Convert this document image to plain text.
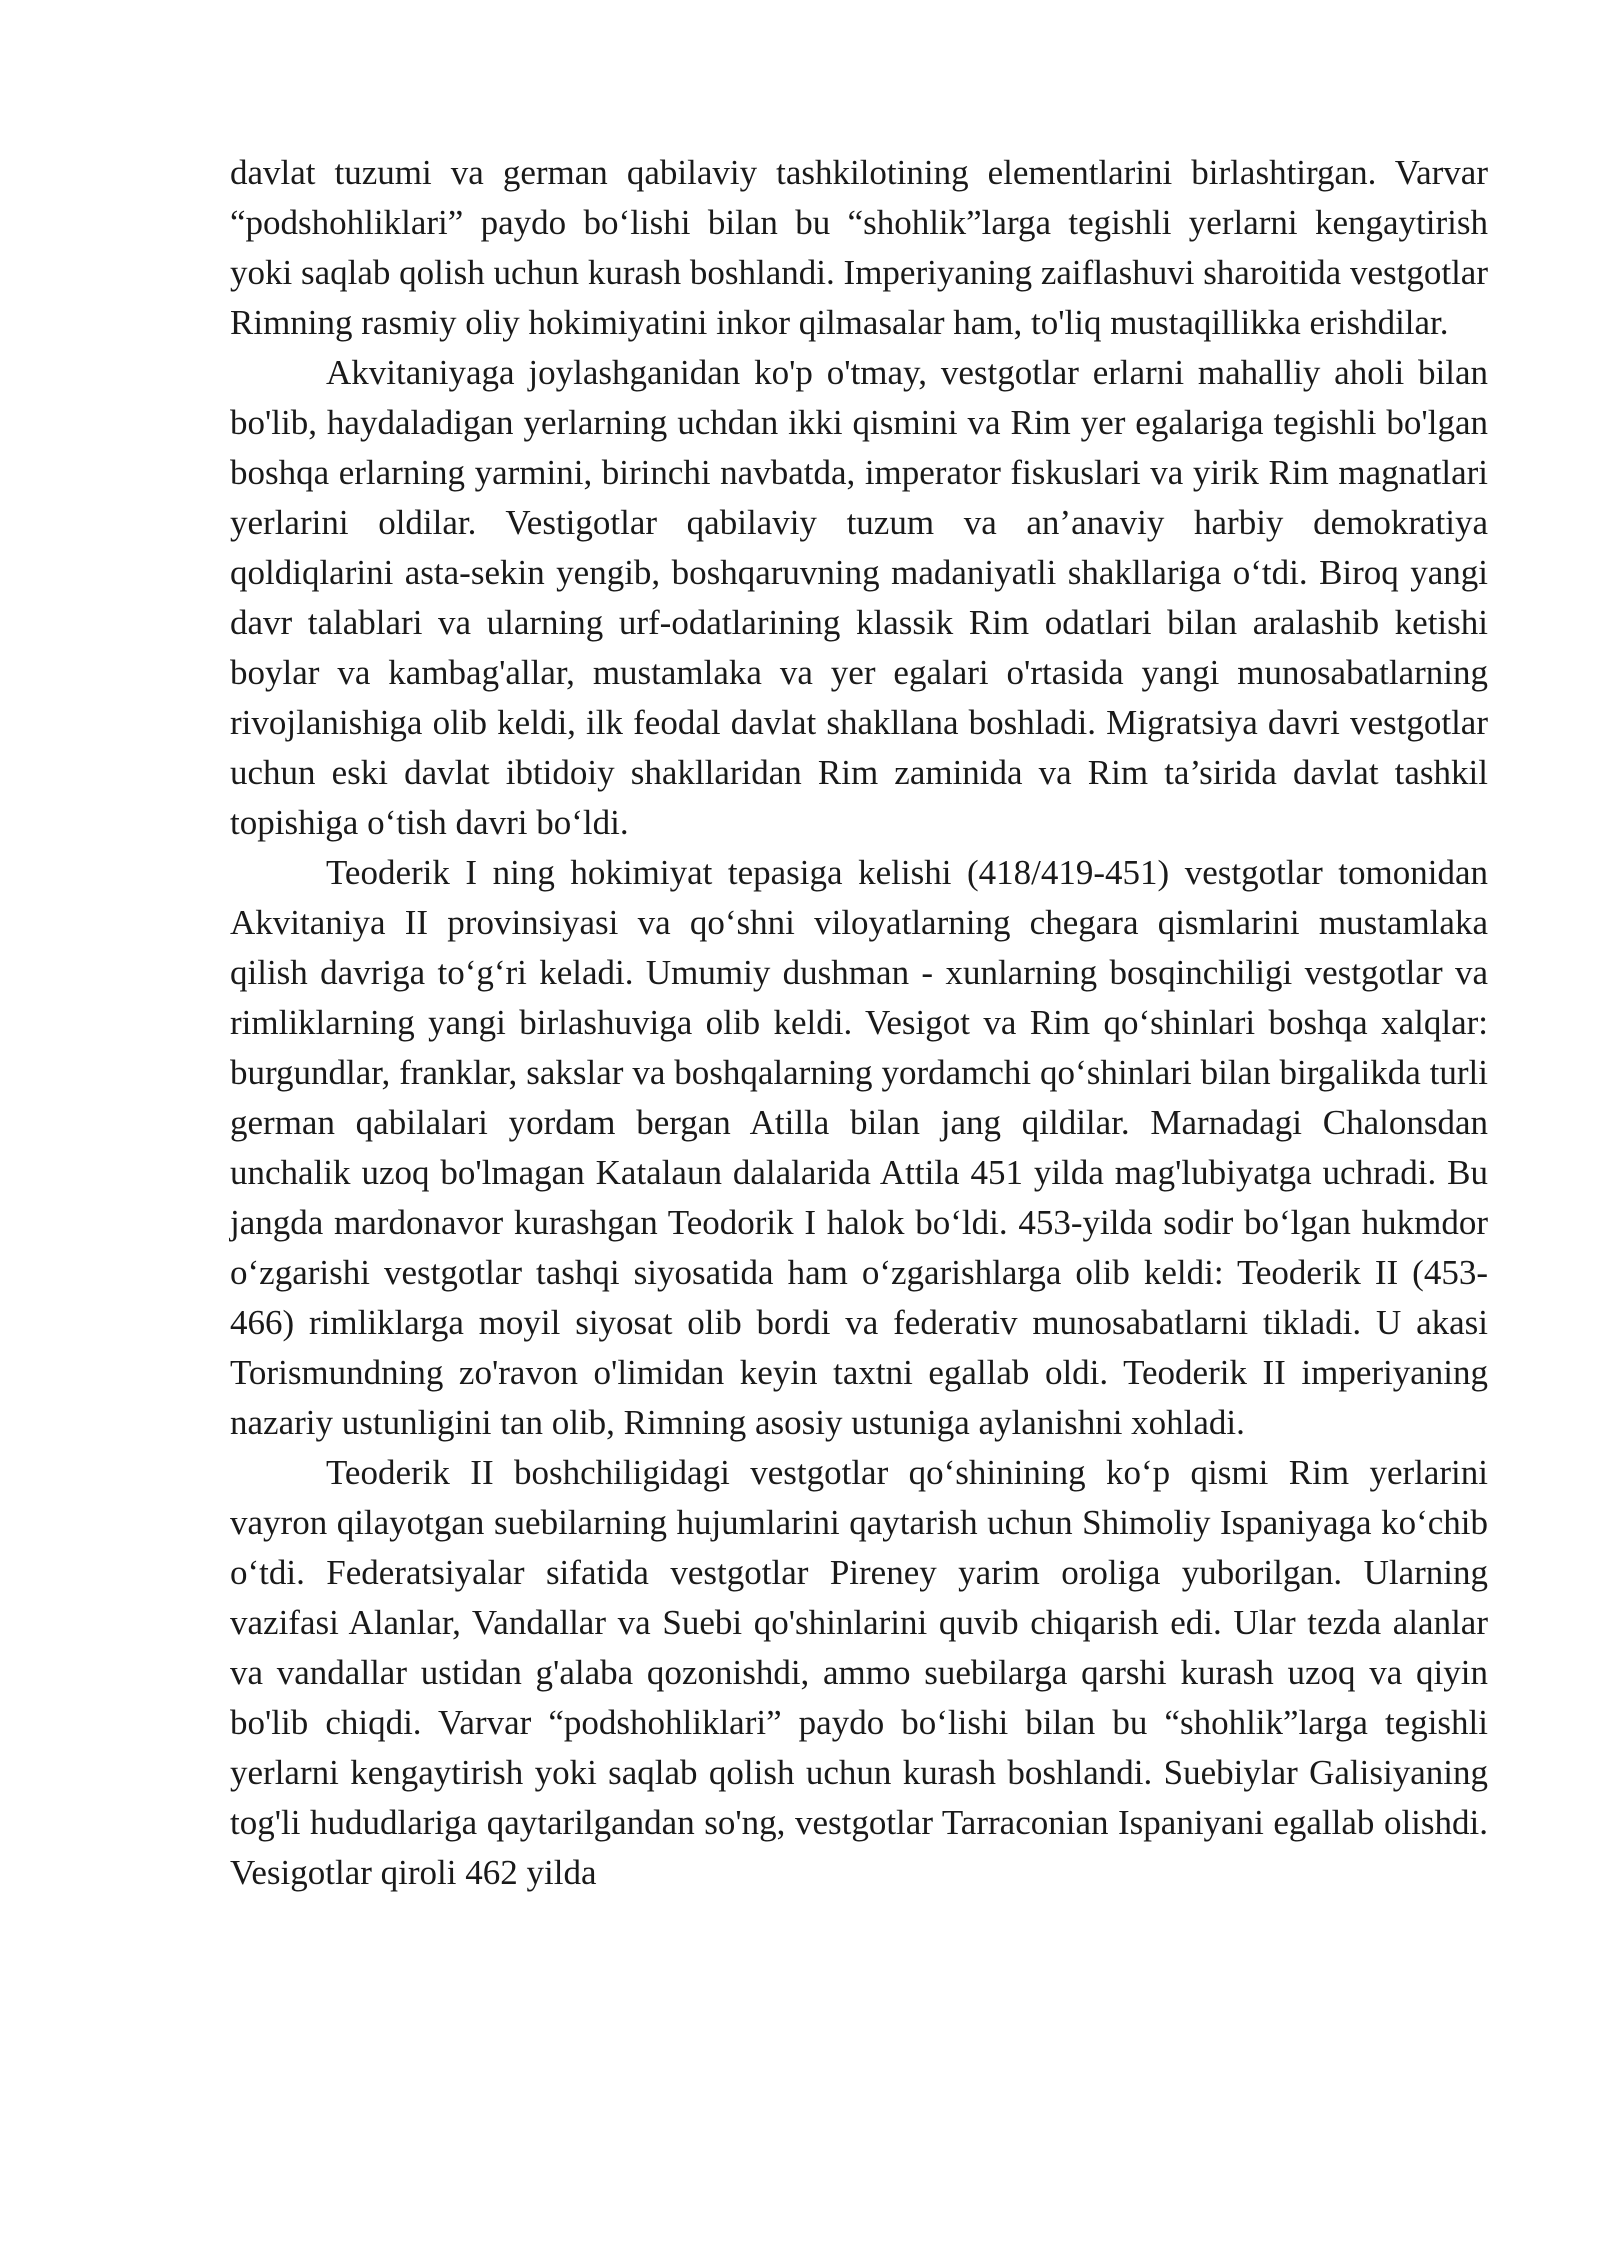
davlat tuzumi va german qabilaviy tashkilotining elementlarini birlashtirgan. Varvar “podshohliklari” paydo bo‘lishi bilan bu “shohlik”larga tegishli yerlarni kengaytirish yoki saqlab qolish uchun kurash boshlandi. Imperiyaning zaiflashuvi sharoitida vestgotlar Rimning rasmiy oliy hokimiyatini inkor qilmasalar ham, to'liq mustaqillikka erishdilar.

Akvitaniyaga joylashganidan ko'p o'tmay, vestgotlar erlarni mahalliy aholi bilan bo'lib, haydaladigan yerlarning uchdan ikki qismini va Rim yer egalariga tegishli bo'lgan boshqa erlarning yarmini, birinchi navbatda, imperator fiskuslari va yirik Rim magnatlari yerlarini oldilar. Vestigotlar qabilaviy tuzum va an’anaviy harbiy demokratiya qoldiqlarini asta-sekin yengib, boshqaruvning madaniyatli shakllariga o‘tdi. Biroq yangi davr talablari va ularning urf-odatlarining klassik Rim odatlari bilan aralashib ketishi boylar va kambag'allar, mustamlaka va yer egalari o'rtasida yangi munosabatlarning rivojlanishiga olib keldi, ilk feodal davlat shakllana boshladi. Migratsiya davri vestgotlar uchun eski davlat ibtidoiy shakllaridan Rim zaminida va Rim ta’sirida davlat tashkil topishiga o‘tish davri bo‘ldi.

Teoderik I ning hokimiyat tepasiga kelishi (418/419-451) vestgotlar tomonidan Akvitaniya II provinsiyasi va qo‘shni viloyatlarning chegara qismlarini mustamlaka qilish davriga to‘g‘ri keladi. Umumiy dushman - xunlarning bosqinchiligi vestgotlar va rimliklarning yangi birlashuviga olib keldi. Vesigot va Rim qo‘shinlari boshqa xalqlar: burgundlar, franklar, sakslar va boshqalarning yordamchi qo‘shinlari bilan birgalikda turli german qabilalari yordam bergan Atilla bilan jang qildilar. Marnadagi Chalonsdan unchalik uzoq bo'lmagan Katalaun dalalarida Attila 451 yilda mag'lubiyatga uchradi. Bu jangda mardonavor kurashgan Teodorik I halok bo‘ldi. 453-yilda sodir bo‘lgan hukmdor o‘zgarishi vestgotlar tashqi siyosatida ham o‘zgarishlarga olib keldi: Teoderik II (453-466) rimliklarga moyil siyosat olib bordi va federativ munosabatlarni tikladi. U akasi Torismundning zo'ravon o'limidan keyin taxtni egallab oldi. Teoderik II imperiyaning nazariy ustunligini tan olib, Rimning asosiy ustuniga aylanishni xohladi.

Teoderik II boshchiligidagi vestgotlar qo‘shinining ko‘p qismi Rim yerlarini vayron qilayotgan suebilarning hujumlarini qaytarish uchun Shimoliy Ispaniyaga ko‘chib o‘tdi. Federatsiyalar sifatida vestgotlar Pireney yarim oroliga yuborilgan. Ularning vazifasi Alanlar, Vandallar va Suebi qo'shinlarini quvib chiqarish edi. Ular tezda alanlar va vandallar ustidan g'alaba qozonishdi, ammo suebilarga qarshi kurash uzoq va qiyin bo'lib chiqdi. Varvar “podshohliklari” paydo bo‘lishi bilan bu “shohlik”larga tegishli yerlarni kengaytirish yoki saqlab qolish uchun kurash boshlandi. Suebiylar Galisiyaning tog'li hududlariga qaytarilgandan so'ng, vestgotlar Tarraconian Ispaniyani egallab olishdi. Vesigotlar qiroli 462 yilda
